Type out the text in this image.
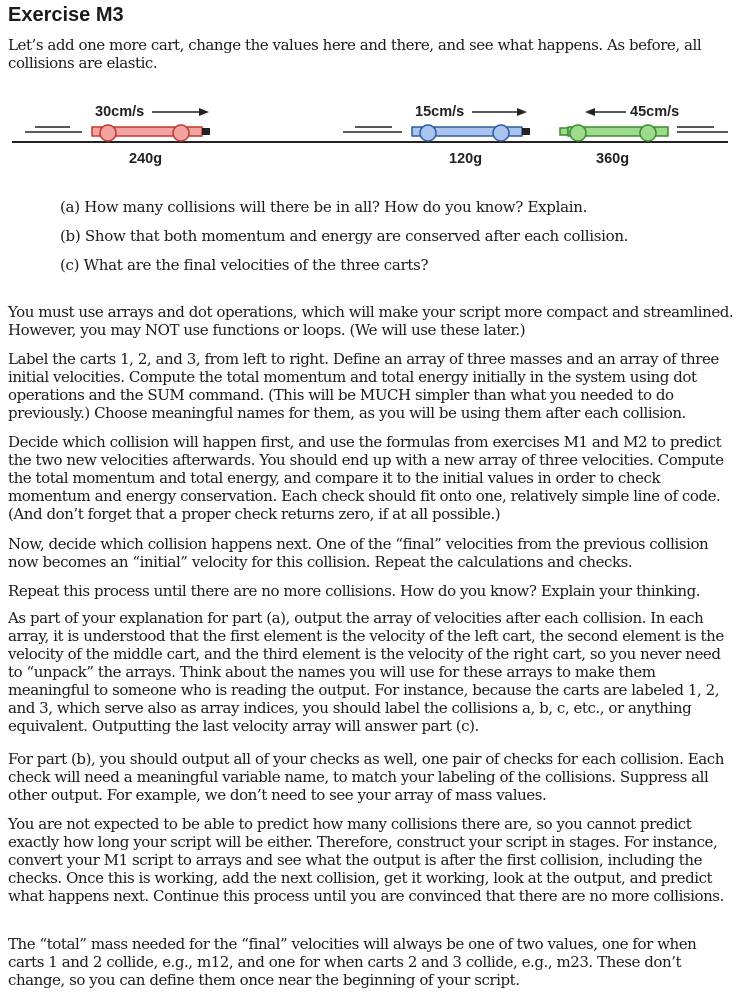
Exercise M3

Let’s add one more cart, change the values here and there, and see what happens. As before, all collisions are elastic.

30cm/s
240g
15cm/s
120g
45cm/s
360g
(a) How many collisions will there be in all? How do you know? Explain.
(b) Show that both momentum and energy are conserved after each collision.
(c) What are the final velocities of the three carts?

You must use arrays and dot operations, which will make your script more compact and streamlined. However, you may NOT use functions or loops. (We will use these later.)

Label the carts 1, 2, and 3, from left to right. Define an array of three masses and an array of three initial velocities. Compute the total momentum and total energy initially in the system using dot operations and the SUM command. (This will be MUCH simpler than what you needed to do previously.) Choose meaningful names for them, as you will be using them after each collision.

Decide which collision will happen first, and use the formulas from exercises M1 and M2 to predict the two new velocities afterwards. You should end up with a new array of three velocities. Compute the total momentum and total energy, and compare it to the initial values in order to check momentum and energy conservation. Each check should fit onto one, relatively simple line of code. (And don’t forget that a proper check returns zero, if at all possible.)

Now, decide which collision happens next. One of the “final” velocities from the previous collision now becomes an “initial” velocity for this collision. Repeat the calculations and checks.

Repeat this process until there are no more collisions. How do you know? Explain your thinking.

As part of your explanation for part (a), output the array of velocities after each collision. In each array, it is understood that the first element is the velocity of the left cart, the second element is the velocity of the middle cart, and the third element is the velocity of the right cart, so you never need to “unpack” the arrays. Think about the names you will use for these arrays to make them meaningful to someone who is reading the output. For instance, because the carts are labeled 1, 2, and 3, which serve also as array indices, you should label the collisions a, b, c, etc., or anything equivalent. Outputting the last velocity array will answer part (c).

For part (b), you should output all of your checks as well, one pair of checks for each collision. Each check will need a meaningful variable name, to match your labeling of the collisions. Suppress all other output. For example, we don’t need to see your array of mass values.

You are not expected to be able to predict how many collisions there are, so you cannot predict exactly how long your script will be either. Therefore, construct your script in stages. For instance, convert your M1 script to arrays and see what the output is after the first collision, including the checks. Once this is working, add the next collision, get it working, look at the output, and predict what happens next. Continue this process until you are convinced that there are no more collisions.

The “total” mass needed for the “final” velocities will always be one of two values, one for when carts 1 and 2 collide, e.g., m12, and one for when carts 2 and 3 collide, e.g., m23. These don’t change, so you can define them once near the beginning of your script.
